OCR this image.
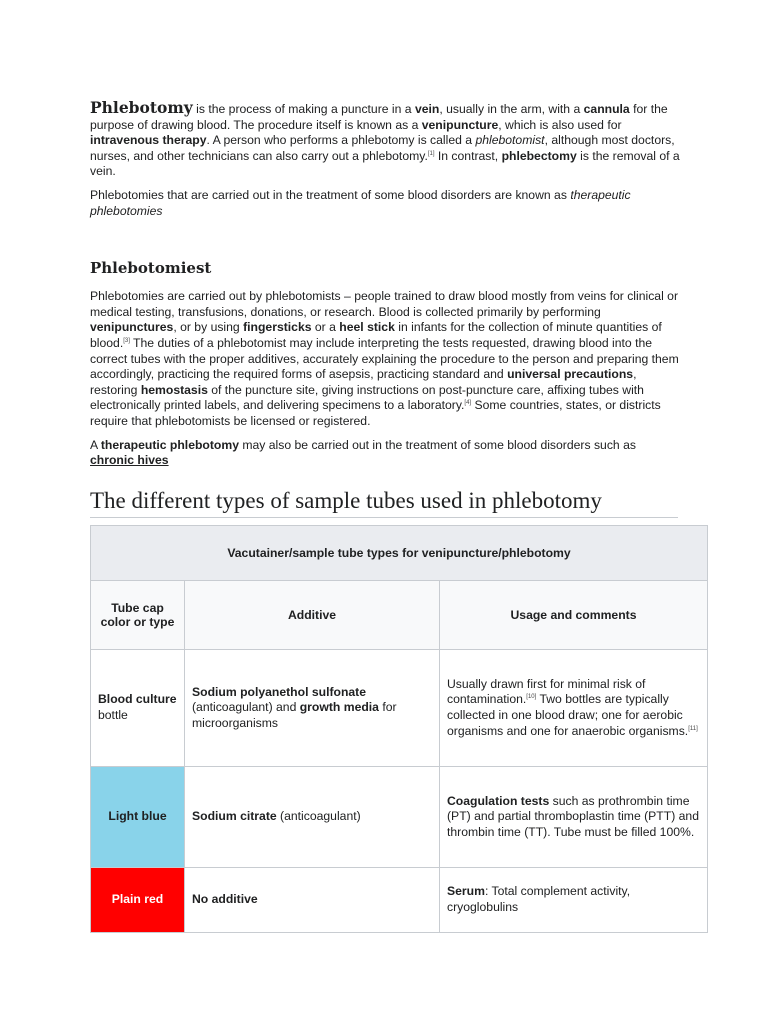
Phlebotomy is the process of making a puncture in a vein, usually in the arm, with a cannula for the purpose of drawing blood. The procedure itself is known as a venipuncture, which is also used for intravenous therapy. A person who performs a phlebotomy is called a phlebotomist, although most doctors, nurses, and other technicians can also carry out a phlebotomy.[1] In contrast, phlebectomy is the removal of a vein.

Phlebotomies that are carried out in the treatment of some blood disorders are known as therapeutic phlebotomies

Phlebotomiest

Phlebotomies are carried out by phlebotomists – people trained to draw blood mostly from veins for clinical or medical testing, transfusions, donations, or research. Blood is collected primarily by performing venipunctures, or by using fingersticks or a heel stick in infants for the collection of minute quantities of blood.[3] The duties of a phlebotomist may include interpreting the tests requested, drawing blood into the correct tubes with the proper additives, accurately explaining the procedure to the person and preparing them accordingly, practicing the required forms of asepsis, practicing standard and universal precautions, restoring hemostasis of the puncture site, giving instructions on post-puncture care, affixing tubes with electronically printed labels, and delivering specimens to a laboratory.[4] Some countries, states, or districts require that phlebotomists be licensed or registered.

A therapeutic phlebotomy may also be carried out in the treatment of some blood disorders such as chronic hives

The different types of sample tubes used in phlebotomy
Vacutainer/sample tube types for venipuncture/phlebotomy		
Tube cap color or type	Additive	Usage and comments

Blood culture bottle	Sodium polyanethol sulfonate (anticoagulant) and growth media for microorganisms	Usually drawn first for minimal risk of contamination.[10] Two bottles are typically collected in one blood draw; one for aerobic organisms and one for anaerobic organisms.[11]

Light blue	Sodium citrate (anticoagulant)	Coagulation tests such as prothrombin time (PT) and partial thromboplastin time (PTT) and thrombin time (TT). Tube must be filled 100%.

Plain red	No additive	Serum: Total complement activity, cryoglobulins
